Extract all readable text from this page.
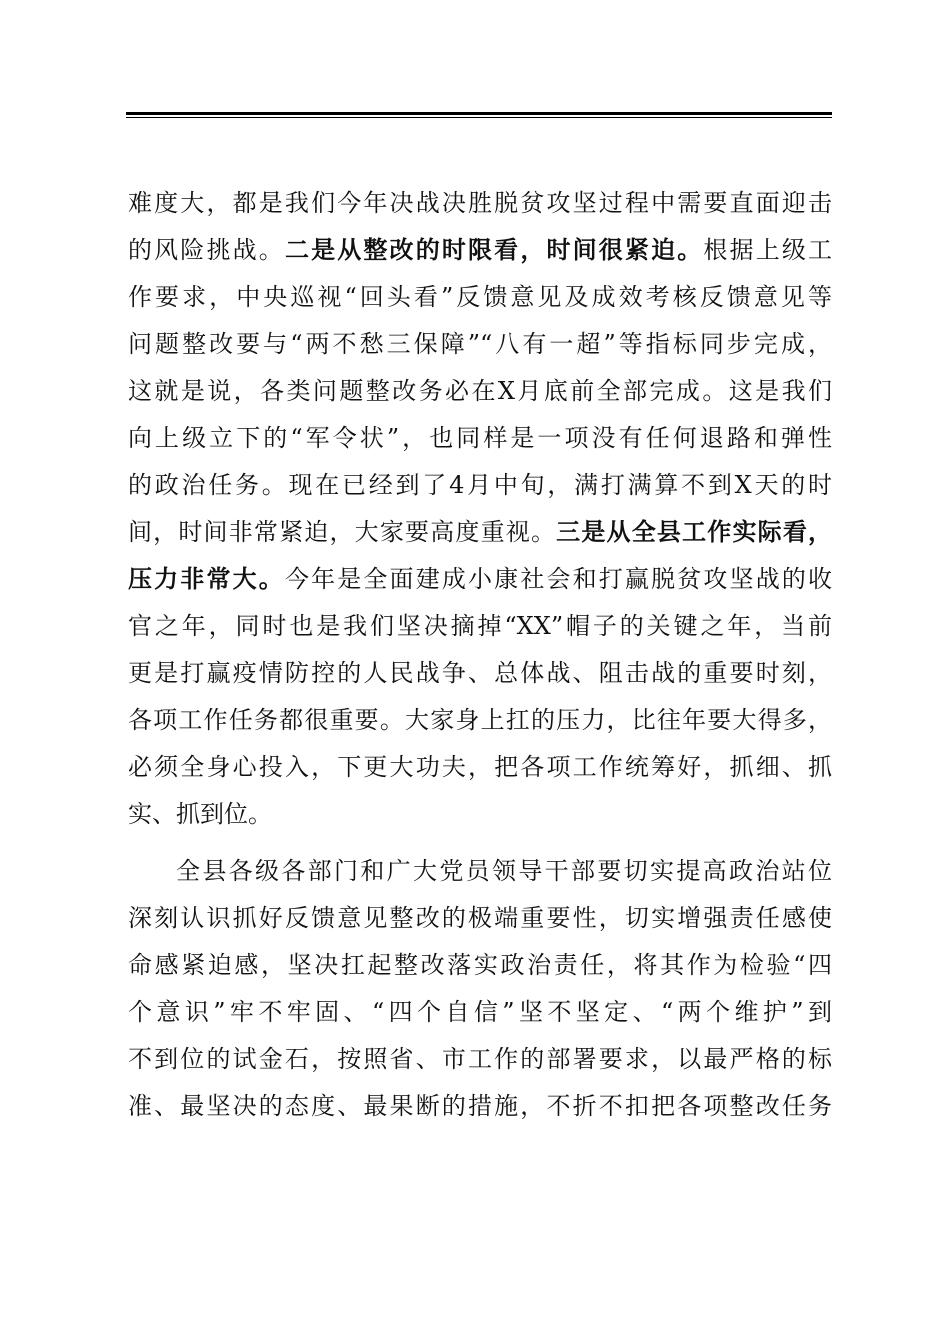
难度大，都是我们今年决战决胜脱贫攻坚过程中需要直面迎击
的风险挑战。二是从整改的时限看，时间很紧迫。根据上级工
作要求，中央巡视“回头看”反馈意见及成效考核反馈意见等
问题整改要与“两不愁三保障”“八有一超”等指标同步完成，
这就是说，各类问题整改务必在X月底前全部完成。这是我们
向上级立下的“军令状”，也同样是一项没有任何退路和弹性
的政治任务。现在已经到了4月中旬，满打满算不到X天的时
间，时间非常紧迫，大家要高度重视。三是从全县工作实际看，
压力非常大。今年是全面建成小康社会和打赢脱贫攻坚战的收
官之年，同时也是我们坚决摘掉“XX”帽子的关键之年，当前
更是打赢疫情防控的人民战争、总体战、阻击战的重要时刻，
各项工作任务都很重要。大家身上扛的压力，比往年要大得多，
必须全身心投入，下更大功夫，把各项工作统筹好，抓细、抓
实、抓到位。
全县各级各部门和广大党员领导干部要切实提高政治站位
深刻认识抓好反馈意见整改的极端重要性，切实增强责任感使
命感紧迫感，坚决扛起整改落实政治责任，将其作为检验“四
个意识”牢不牢固、“四个自信”坚不坚定、“两个维护”到
不到位的试金石，按照省、市工作的部署要求，以最严格的标
准、最坚决的态度、最果断的措施，不折不扣把各项整改任务
